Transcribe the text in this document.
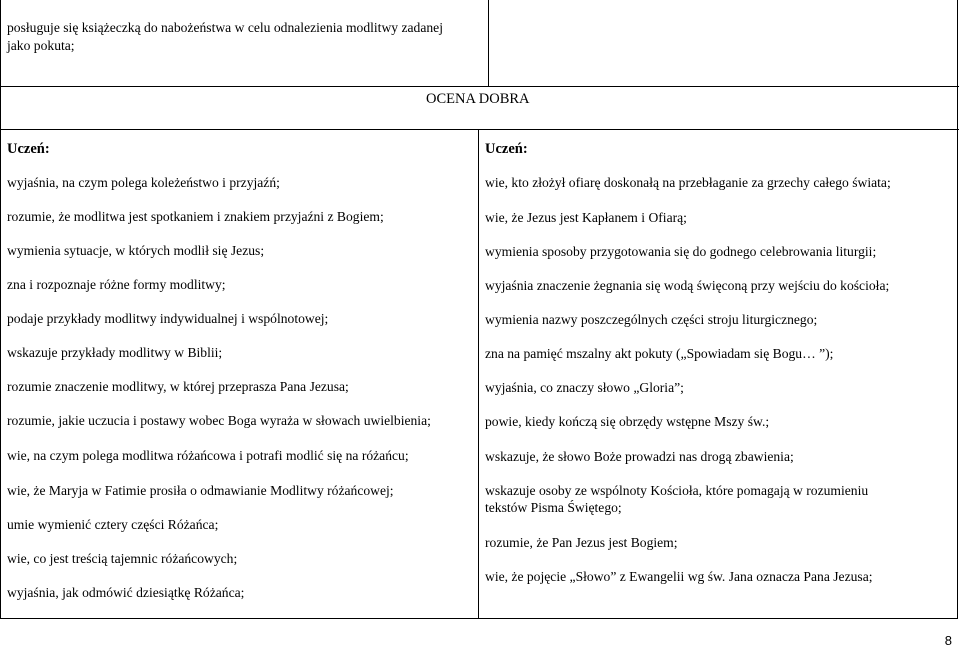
posługuje się książeczką do nabożeństwa w celu odnalezienia modlitwy zadanej
jako pokuta;
OCENA DOBRA
Uczeń:
wyjaśnia, na czym polega koleżeństwo i przyjaźń;
rozumie, że modlitwa jest spotkaniem i znakiem przyjaźni z Bogiem;
wymienia sytuacje, w których modlił się Jezus;
zna i rozpoznaje różne formy modlitwy;
podaje przykłady modlitwy indywidualnej i wspólnotowej;
wskazuje przykłady modlitwy w Biblii;
rozumie znaczenie modlitwy, w której przeprasza Pana Jezusa;
rozumie, jakie uczucia i postawy wobec Boga wyraża w słowach uwielbienia;
wie, na czym polega modlitwa różańcowa i potrafi modlić się na różańcu;
wie, że Maryja w Fatimie prosiła o odmawianie Modlitwy różańcowej;
umie wymienić cztery części Różańca;
wie, co jest treścią tajemnic różańcowych;
wyjaśnia, jak odmówić dziesiątkę Różańca;
Uczeń:
wie, kto złożył ofiarę doskonałą na przebłaganie za grzechy całego świata;
wie, że Jezus jest Kapłanem i Ofiarą;
wymienia sposoby przygotowania się do godnego celebrowania liturgii;
wyjaśnia znaczenie żegnania się wodą święconą przy wejściu do kościoła;
wymienia nazwy poszczególnych części stroju liturgicznego;
zna na pamięć mszalny akt pokuty („Spowiadam się Bogu… ”);
wyjaśnia, co znaczy słowo „Gloria”;
powie, kiedy kończą się obrzędy wstępne Mszy św.;
wskazuje, że słowo Boże prowadzi nas drogą zbawienia;
wskazuje osoby ze wspólnoty Kościoła, które pomagają w rozumieniu
tekstów Pisma Świętego;
rozumie, że Pan Jezus jest Bogiem;
wie, że pojęcie „Słowo” z Ewangelii wg św. Jana oznacza Pana Jezusa;
8
